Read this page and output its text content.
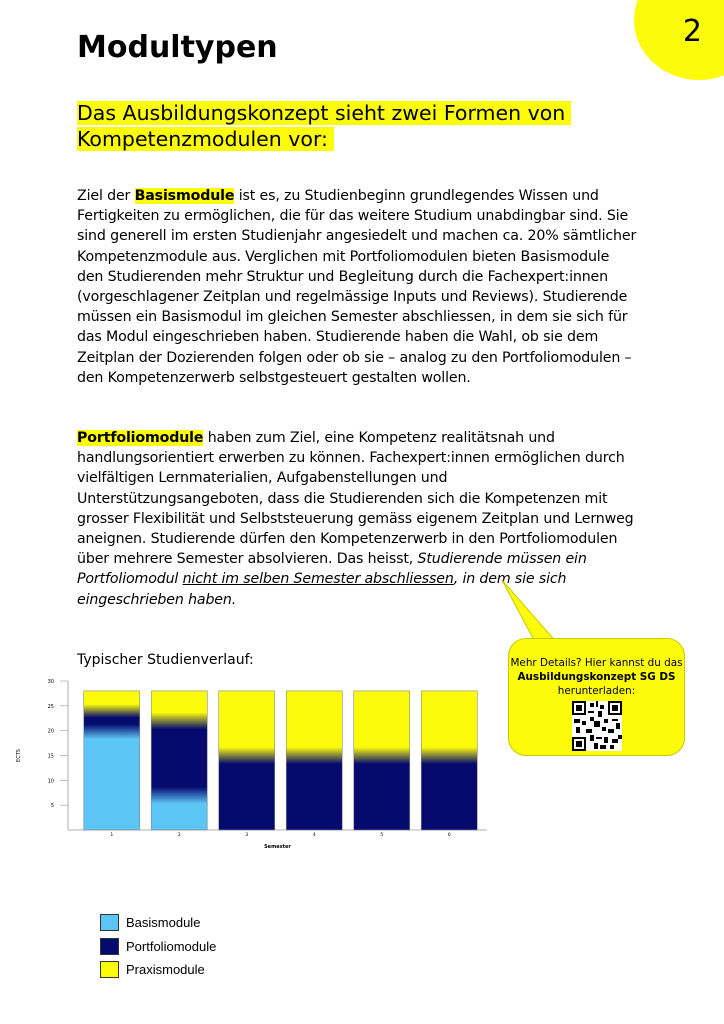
2
Modultypen

Das Ausbildungskonzept sieht zwei Formen von Kompetenzmodulen vor:

Ziel der Basismodule ist es, zu Studienbeginn grundlegendes Wissen und Fertigkeiten zu ermöglichen, die für das weitere Studium unabdingbar sind. Sie sind generell im ersten Studienjahr angesiedelt und machen ca. 20% sämtlicher Kompetenzmodule aus. Verglichen mit Portfoliomodulen bieten Basismodule den Studierenden mehr Struktur und Begleitung durch die Fachexpert:innen (vorgeschlagener Zeitplan und regelmässige Inputs und Reviews). Studierende müssen ein Basismodul im gleichen Semester abschliessen, in dem sie sich für das Modul eingeschrieben haben. Studierende haben die Wahl, ob sie dem Zeitplan der Dozierenden folgen oder ob sie – analog zu den Portfoliomodulen – den Kompetenzerwerb selbstgesteuert gestalten wollen.

Portfoliomodule haben zum Ziel, eine Kompetenz realitätsnah und handlungsorientiert erwerben zu können. Fachexpert:innen ermöglichen durch vielfältigen Lernmaterialien, Aufgabenstellungen und Unterstützungsangeboten, dass die Studierenden sich die Kompetenzen mit grosser Flexibilität und Selbststeuerung gemäss eigenem Zeitplan und Lernweg aneignen. Studierende dürfen den Kompetenzerwerb in den Portfoliomodulen über mehrere Semester absolvieren. Das heisst, Studierende müssen ein Portfoliomodul nicht im selben Semester abschliessen, in dem sie sich eingeschrieben haben.

Mehr Details? Hier kannst du das Ausbildungskonzept SG DS herunterladen:
Typischer Studienverlauf:
5
10
15
20
25
30
ECTS
Semester
1	2	3	4	5	6
Basismodule
Portfoliomodule
Praxismodule
